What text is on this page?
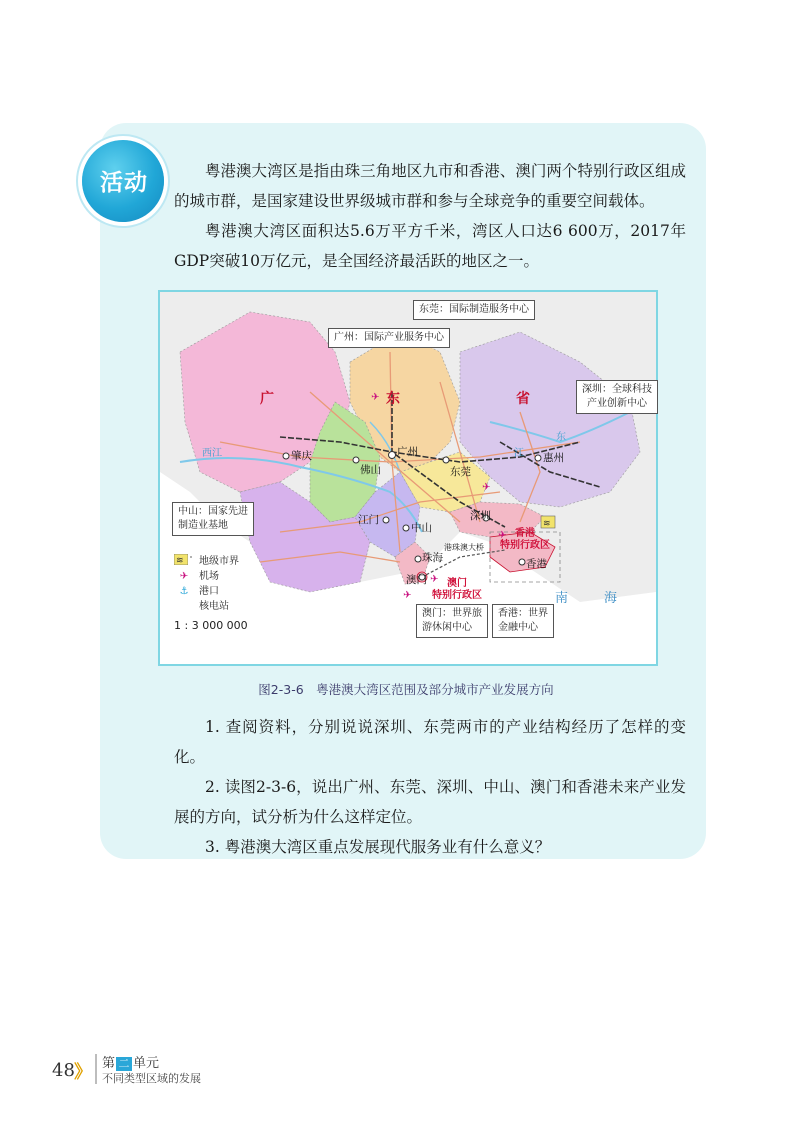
活动	粤港澳大湾区是指由珠三角地区九市和香港、澳门两个特别行政区组成的城市群，是国家建设世界级城市群和参与全球竞争的重要空间载体。

粤港澳大湾区面积达5.6万平方千米，湾区人口达6 600万，2017年GDP突破10万亿元，是全国经济最活跃的地区之一。

✈
✈
✈
✈
✈
≋
东莞：国际制造服务中心
广州：国际产业服务中心
深圳：全球科技
产业创新中心
中山：国家先进
制造业基地
澳门：世界旅
游休闲中心
香港：世界
金融中心
广	东	省
西江
东
江
肇庆
佛山
广州
东莞
惠州
深圳
江门
中山
珠海
澳门
香港
港珠澳大桥
香港
特别行政区
澳门
特别行政区	南	海
地级市界
✈	机场
⚓	港口
≋
核电站
1 : 3 000 000
图2-3-6　粤港澳大湾区范围及部分城市产业发展方向

1. 查阅资料，分别说说深圳、东莞两市的产业结构经历了怎样的变化。

2. 读图2-3-6，说出广州、东莞、深圳、中山、澳门和香港未来产业发展的方向，试分析为什么这样定位。

3. 粤港澳大湾区重点发展现代服务业有什么意义？

48 》 第 二 单元
不同类型区域的发展
